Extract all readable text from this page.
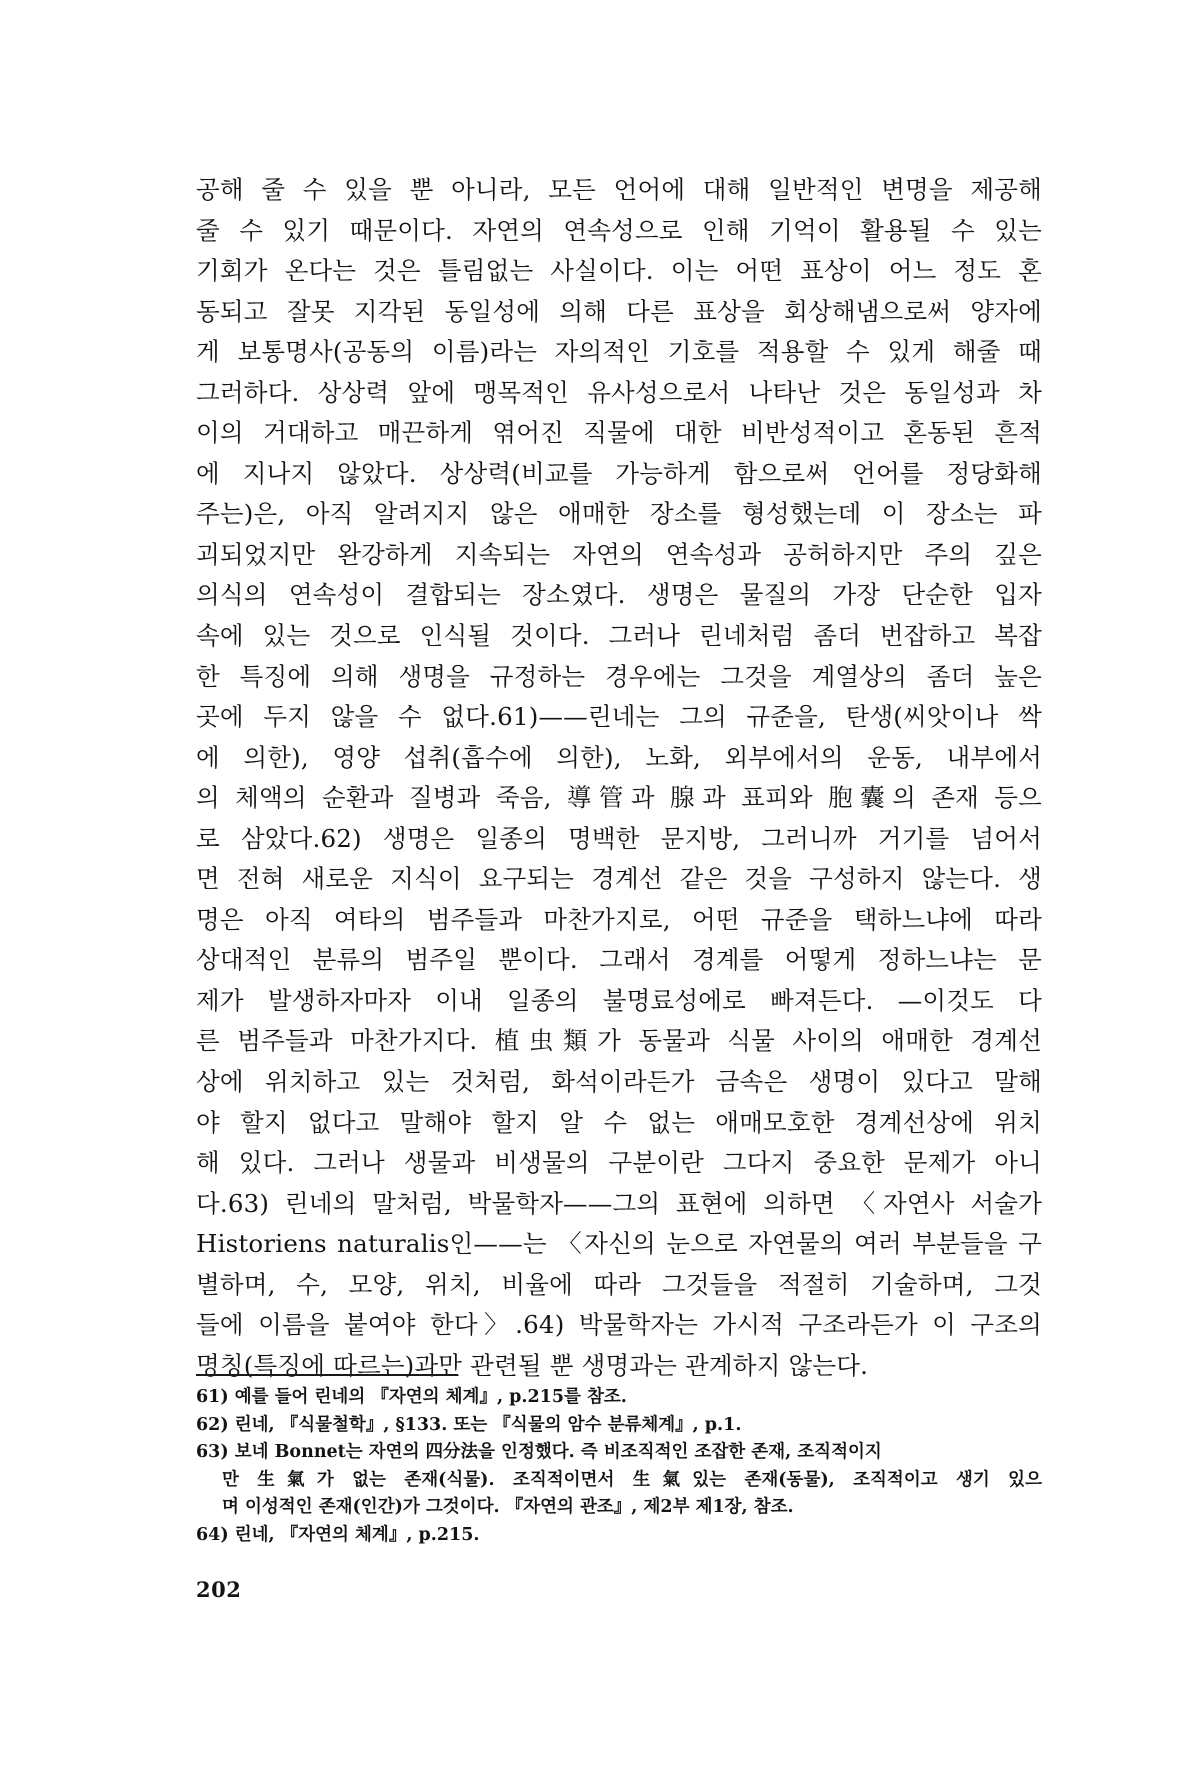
공해 줄 수 있을 뿐 아니라, 모든 언어에 대해 일반적인 변명을 제공해
줄 수 있기 때문이다. 자연의 연속성으로 인해 기억이 활용될 수 있는
기회가 온다는 것은 틀림없는 사실이다. 이는 어떤 표상이 어느 정도 혼
동되고 잘못 지각된 동일성에 의해 다른 표상을 회상해냄으로써 양자에
게 보통명사(공동의 이름)라는 자의적인 기호를 적용할 수 있게 해줄 때
그러하다. 상상력 앞에 맹목적인 유사성으로서 나타난 것은 동일성과 차
이의 거대하고 매끈하게 엮어진 직물에 대한 비반성적이고 혼동된 흔적
에 지나지 않았다. 상상력(비교를 가능하게 함으로써 언어를 정당화해
주는)은, 아직 알려지지 않은 애매한 장소를 형성했는데 이 장소는 파
괴되었지만 완강하게 지속되는 자연의 연속성과 공허하지만 주의 깊은
의식의 연속성이 결합되는 장소였다. 생명은 물질의 가장 단순한 입자
속에 있는 것으로 인식될 것이다. 그러나 린네처럼 좀더 번잡하고 복잡
한 특징에 의해 생명을 규정하는 경우에는 그것을 계열상의 좀더 높은
곳에 두지 않을 수 없다.61)——린네는 그의 규준을, 탄생(씨앗이나 싹
에 의한), 영양 섭취(흡수에 의한), 노화, 외부에서의 운동, 내부에서
의 체액의 순환과 질병과 죽음, 導管과 腺과 표피와 胞囊의 존재 등으
로 삼았다.62) 생명은 일종의 명백한 문지방, 그러니까 거기를 넘어서
면 전혀 새로운 지식이 요구되는 경계선 같은 것을 구성하지 않는다. 생
명은 아직 여타의 범주들과 마찬가지로, 어떤 규준을 택하느냐에 따라
상대적인 분류의 범주일 뿐이다. 그래서 경계를 어떻게 정하느냐는 문
제가 발생하자마자 이내 일종의 불명료성에로 빠져든다. —이것도 다
른 범주들과 마찬가지다. 植虫類가 동물과 식물 사이의 애매한 경계선
상에 위치하고 있는 것처럼, 화석이라든가 금속은 생명이 있다고 말해
야 할지 없다고 말해야 할지 알 수 없는 애매모호한 경계선상에 위치
해 있다. 그러나 생물과 비생물의 구분이란 그다지 중요한 문제가 아니
다.63) 린네의 말처럼, 박물학자——그의 표현에 의하면 〈자연사 서술가
Historiens naturalis인——는 〈자신의 눈으로 자연물의 여러 부분들을 구
별하며, 수, 모양, 위치, 비율에 따라 그것들을 적절히 기술하며, 그것
들에 이름을 붙여야 한다〉.64) 박물학자는 가시적 구조라든가 이 구조의
명칭(특징에 따르는)과만 관련될 뿐 생명과는 관계하지 않는다.
61) 예를 들어 린네의 『자연의 체계』, p.215를 참조.
62) 린네, 『식물철학』, §133. 또는 『식물의 암수 분류체계』, p.1.
63) 보네 Bonnet는 자연의 四分法을 인정했다. 즉 비조직적인 조잡한 존재, 조직적이지
만 生氣가 없는 존재(식물). 조직적이면서 生氣있는 존재(동물), 조직적이고 생기 있으
며 이성적인 존재(인간)가 그것이다. 『자연의 관조』, 제2부 제1장, 참조.
64) 린네, 『자연의 체계』, p.215.
202
